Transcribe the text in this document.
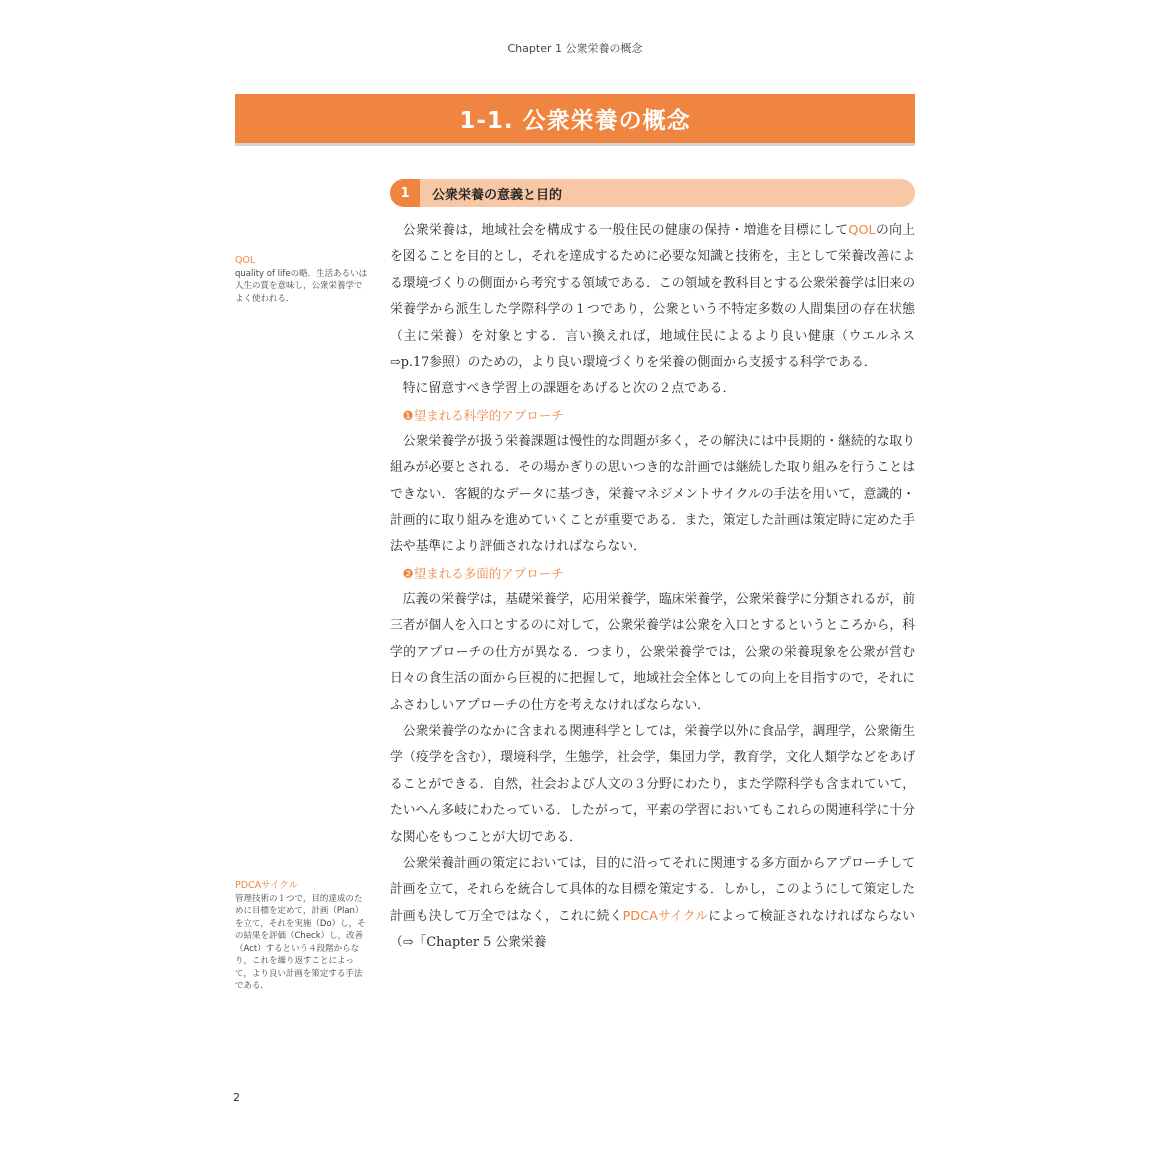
Chapter 1 公衆栄養の概念
1-1. 公衆栄養の概念
1	公衆栄養の意義と目的
QOL
quality of lifeの略．生活あるいは人生の質を意味し，公衆栄養学でよく使われる．
PDCAサイクル
管理技術の１つで，目的達成のために目標を定めて，計画（Plan）を立て，それを実施（Do）し，その結果を評価（Check）し，改善（Act）するという４段階からなり，これを繰り返すことによって，より良い計画を策定する手法である．

公衆栄養は，地域社会を構成する一般住民の健康の保持・増進を目標にしてQOLの向上を図ることを目的とし，それを達成するために必要な知識と技術を，主として栄養改善による環境づくりの側面から考究する領域である．この領域を教科目とする公衆栄養学は旧来の栄養学から派生した学際科学の１つであり，公衆という不特定多数の人間集団の存在状態（主に栄養）を対象とする．言い換えれば，地域住民によるより良い健康（ウエルネス⇨p.17参照）のための，より良い環境づくりを栄養の側面から支援する科学である．

特に留意すべき学習上の課題をあげると次の２点である．

❶望まれる科学的アプローチ

公衆栄養学が扱う栄養課題は慢性的な問題が多く，その解決には中長期的・継続的な取り組みが必要とされる．その場かぎりの思いつき的な計画では継続した取り組みを行うことはできない．客観的なデータに基づき，栄養マネジメントサイクルの手法を用いて，意識的・計画的に取り組みを進めていくことが重要である．また，策定した計画は策定時に定めた手法や基準により評価されなければならない．

❷望まれる多面的アプローチ

広義の栄養学は，基礎栄養学，応用栄養学，臨床栄養学，公衆栄養学に分類されるが，前三者が個人を入口とするのに対して，公衆栄養学は公衆を入口とするというところから，科学的アプローチの仕方が異なる．つまり，公衆栄養学では，公衆の栄養現象を公衆が営む日々の食生活の面から巨視的に把握して，地域社会全体としての向上を目指すので，それにふさわしいアプローチの仕方を考えなければならない．

公衆栄養学のなかに含まれる関連科学としては，栄養学以外に食品学，調理学，公衆衛生学（疫学を含む），環境科学，生態学，社会学，集団力学，教育学，文化人類学などをあげることができる．自然，社会および人文の３分野にわたり，また学際科学も含まれていて，たいへん多岐にわたっている．したがって，平素の学習においてもこれらの関連科学に十分な関心をもつことが大切である．

公衆栄養計画の策定においては，目的に沿ってそれに関連する多方面からアプローチして計画を立て，それらを統合して具体的な目標を策定する．しかし，このようにして策定した計画も決して万全ではなく，これに続くPDCAサイクルによって検証されなければならない（⇨「Chapter 5 公衆栄養

2
